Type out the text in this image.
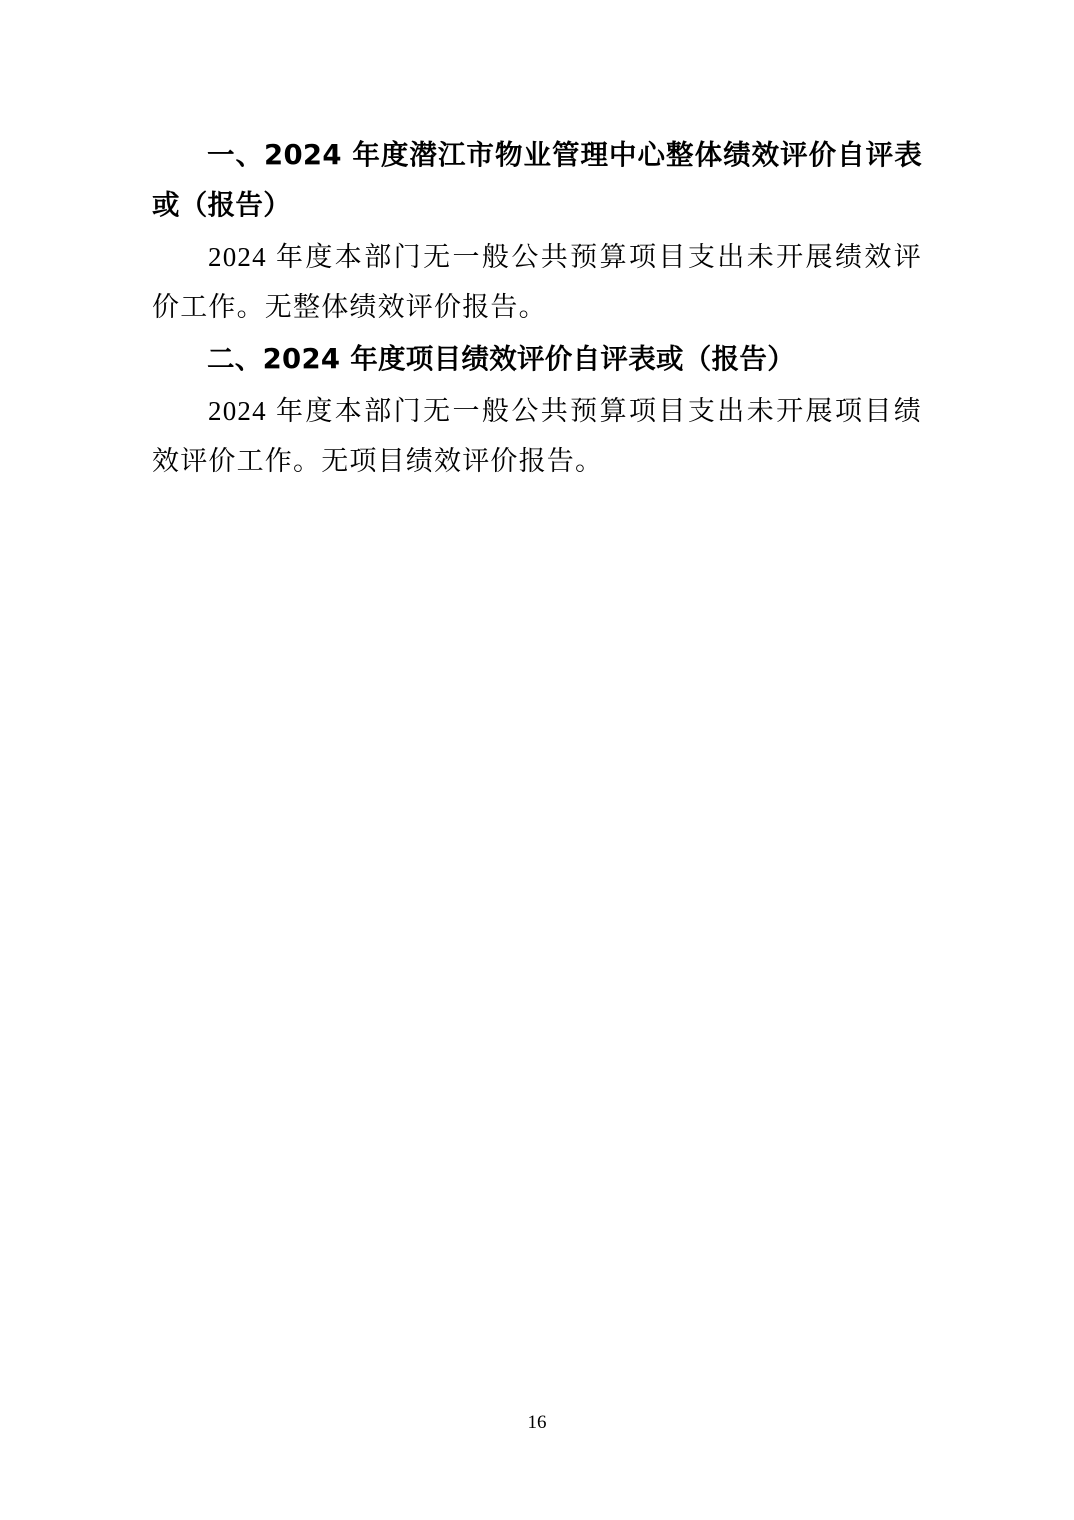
一、2024 年度潜江市物业管理中心整体绩效评价自评表或（报告）

2024 年度本部门无一般公共预算项目支出未开展绩效评价工作。无整体绩效评价报告。

二、2024 年度项目绩效评价自评表或（报告）

2024 年度本部门无一般公共预算项目支出未开展项目绩效评价工作。无项目绩效评价报告。

16
